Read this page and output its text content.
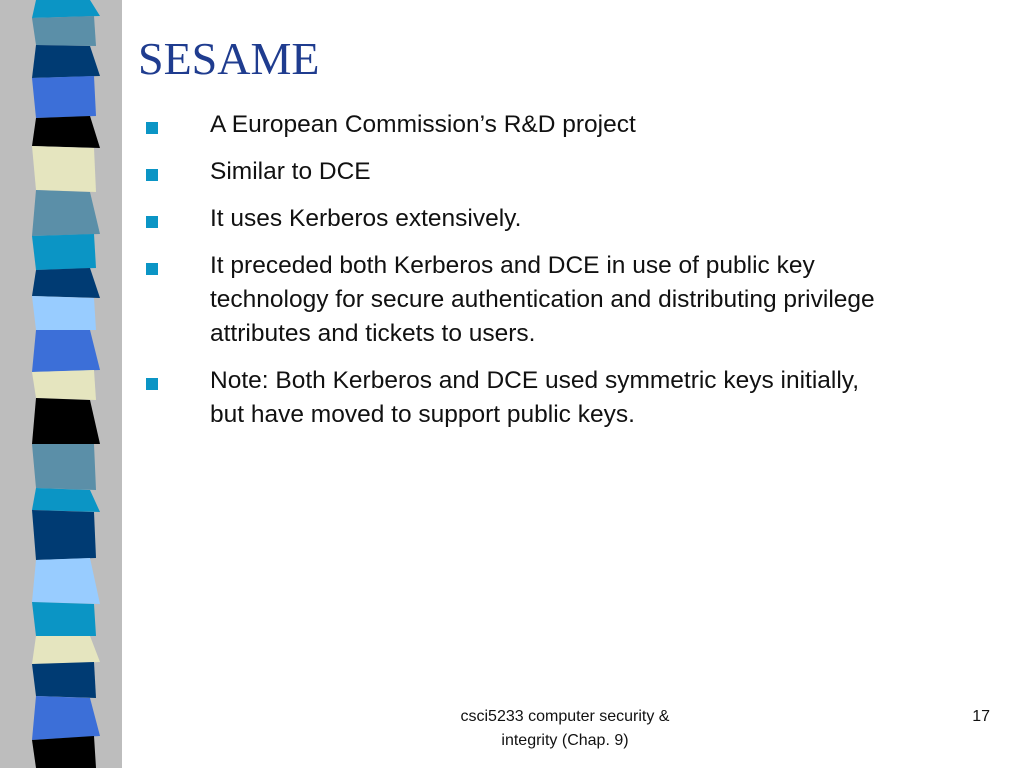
SESAME
A European Commission’s R&D project
Similar to DCE
It uses Kerberos extensively.
It preceded both Kerberos and DCE in use of public key
technology for secure authentication and distributing privilege
attributes and tickets to users.
Note: Both Kerberos and DCE used symmetric keys initially,
but have moved to support public keys.
csci5233 computer security &
integrity (Chap. 9)
17
